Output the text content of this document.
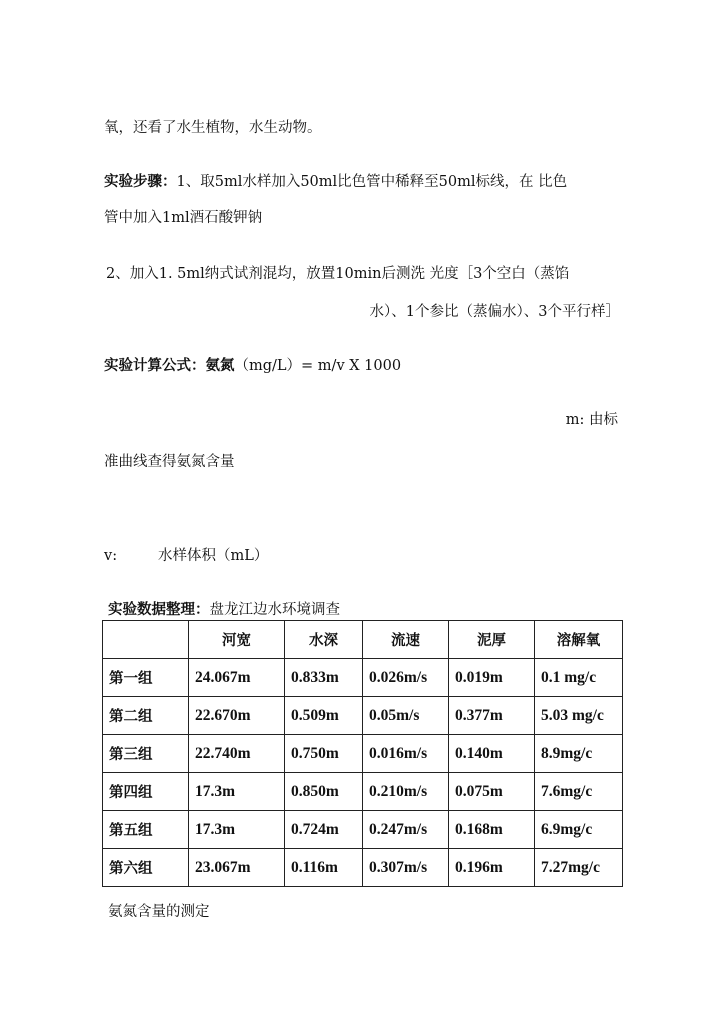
氧，还看了水生植物，水生动物。
实验步骤：1、取5ml水样加入50ml比色管中稀释至50ml标线，在 比色
管中加入1ml酒石酸钾钠
2、加入1. 5ml纳式试剂混均，放置10min后测洗 光度［3个空白（蒸馅
水）、1个参比（蒸偏水）、3个平行样］
实验计算公式：氨氮（mg/L）= m/v X 1000
m: 由标
准曲线查得氨氮含量
v:	水样体积（mL）
实验数据整理：盘龙江边水环境调查
	河宽	水深	流速	泥厚	溶解氧
第一组	24.067m	0.833m	0.026m/s	0.019m	0.1 mg/c
第二组	22.670m	0.509m	0.05m/s	0.377m	5.03 mg/c
第三组	22.740m	0.750m	0.016m/s	0.140m	8.9mg/c
第四组	17.3m	0.850m	0.210m/s	0.075m	7.6mg/c
第五组	17.3m	0.724m	0.247m/s	0.168m	6.9mg/c
第六组	23.067m	0.116m	0.307m/s	0.196m	7.27mg/c
氨氮含量的测定
